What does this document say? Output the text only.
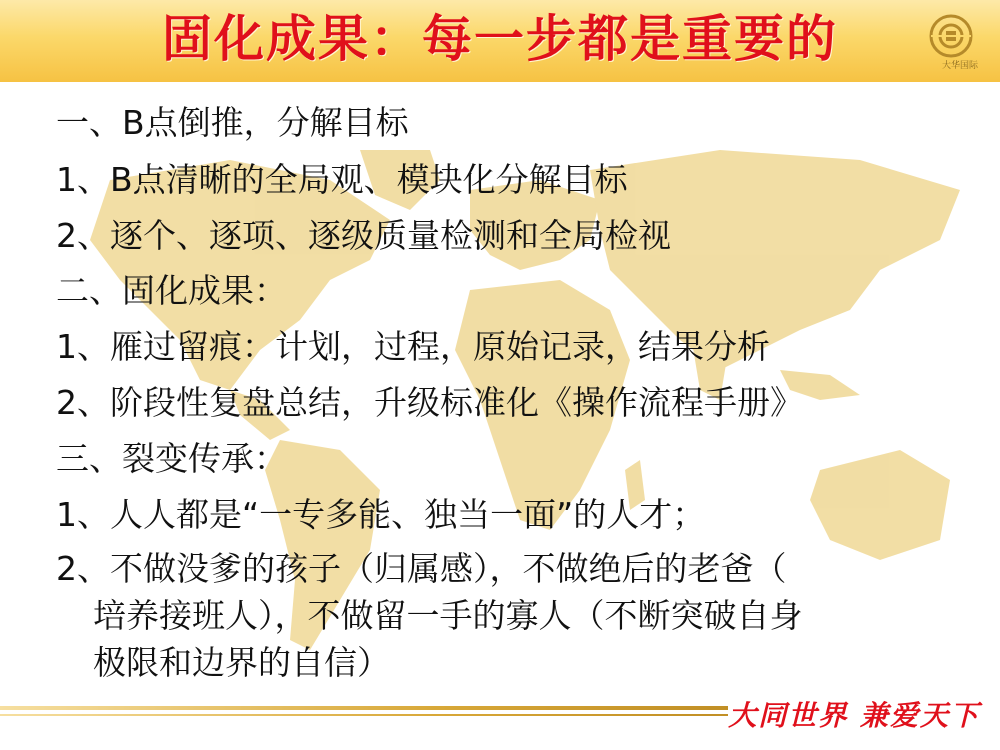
固化成果：每一步都是重要的	大华国际
一、B点倒推，分解目标
1、B点清晰的全局观、模块化分解目标
2、逐个、逐项、逐级质量检测和全局检视
二、固化成果：
1、雁过留痕：计划，过程，原始记录，结果分析
2、阶段性复盘总结，升级标准化《操作流程手册》
三、裂变传承：
1、人人都是“一专多能、独当一面”的人才；
2、不做没爹的孩子（归属感），不做绝后的老爸（
培养接班人），不做留一手的寡人（不断突破自身
极限和边界的自信）
大同世界 兼爱天下
